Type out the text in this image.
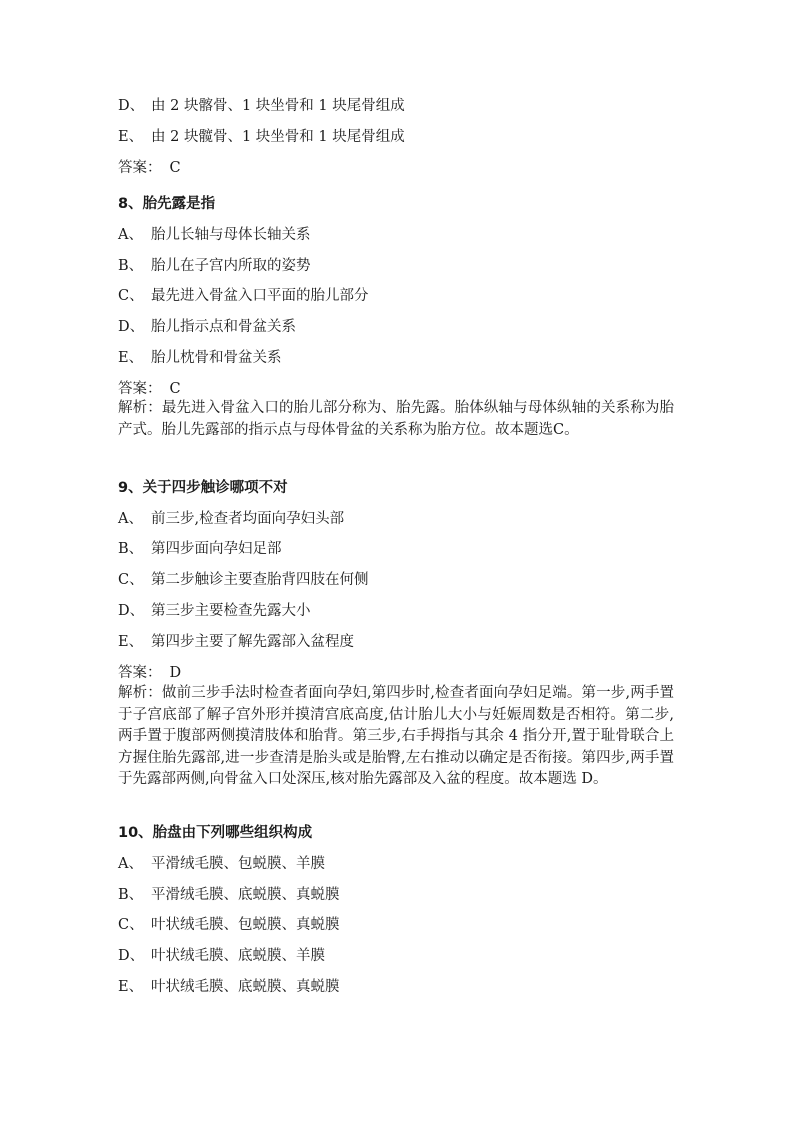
D、 由 2 块髂骨、1 块坐骨和 1 块尾骨组成
E、 由 2 块髋骨、1 块坐骨和 1 块尾骨组成
答案： C
8、胎先露是指
A、 胎儿长轴与母体长轴关系
B、 胎儿在子宫内所取的姿势
C、 最先进入骨盆入口平面的胎儿部分
D、 胎儿指示点和骨盆关系
E、 胎儿枕骨和骨盆关系
答案： C
解析：最先进入骨盆入口的胎儿部分称为、胎先露。胎体纵轴与母体纵轴的关系称为胎产式。胎儿先露部的指示点与母体骨盆的关系称为胎方位。故本题选C。
9、关于四步触诊哪项不对
A、 前三步,检查者均面向孕妇头部
B、 第四步面向孕妇足部
C、 第二步触诊主要查胎背四肢在何侧
D、 第三步主要检查先露大小
E、 第四步主要了解先露部入盆程度
答案： D
解析：做前三步手法时检查者面向孕妇,第四步时,检查者面向孕妇足端。第一步,两手置于子宫底部了解子宫外形并摸清宫底高度,估计胎儿大小与妊娠周数是否相符。第二步,两手置于腹部两侧摸清肢体和胎背。第三步,右手拇指与其余 4 指分开,置于耻骨联合上方握住胎先露部,进一步查清是胎头或是胎臀,左右推动以确定是否衔接。第四步,两手置于先露部两侧,向骨盆入口处深压,核对胎先露部及入盆的程度。故本题选 D。
10、胎盘由下列哪些组织构成
A、 平滑绒毛膜、包蜕膜、羊膜
B、 平滑绒毛膜、底蜕膜、真蜕膜
C、 叶状绒毛膜、包蜕膜、真蜕膜
D、 叶状绒毛膜、底蜕膜、羊膜
E、 叶状绒毛膜、底蜕膜、真蜕膜
